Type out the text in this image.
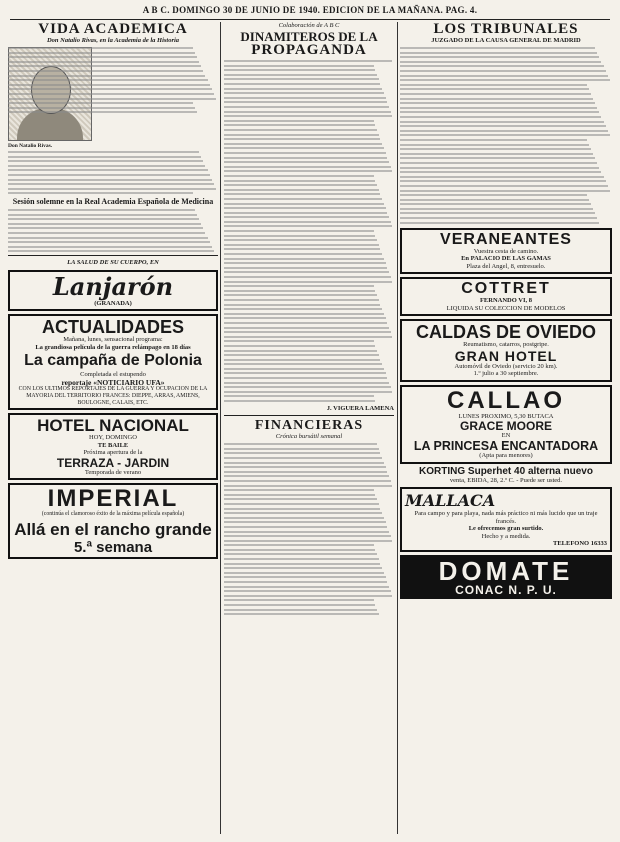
A B C. DOMINGO 30 DE JUNIO DE 1940. EDICION DE LA MAÑANA. PAG. 4.
VIDA ACADEMICA
Don Natalio Rivas, en la Academia de la Historia
Don Natalio Rivas.
Sesión solemne en la Real Academia Española de Medicina
LA SALUD DE SU CUERPO, EN
Lanjarón
(GRANADA)
ACTUALIDADES
Mañana, lunes, sensacional programa:
La grandiosa película de la guerra relámpago en 18 días
La campaña de Polonia
Completada el estupendo
reportaje «NOTICIARIO UFA»
CON LOS ULTIMOS REPORTAJES DE LA GUERRA Y OCUPACION DE LA MAYORIA DEL TERRITORIO FRANCES: DIEPPE, ARRAS, AMIENS, BOULOGNE, CALAIS, ETC.
HOTEL NACIONAL
HOY, DOMINGO
TE BAILE
Próxima apertura de la
TERRAZA - JARDIN
Temporada de verano
IMPERIAL
(continúa el clamoroso éxito de la máxima película española)
Allá en el rancho grande
5.ª semana
Colaboración de A B C
DINAMITEROS DE LA
PROPAGANDA
J. VIGUERA LAMENA
FINANCIERAS
Crónica bursátil semanal
LOS TRIBUNALES
JUZGADO DE LA CAUSA GENERAL DE MADRID
VERANEANTES
Vuestra cesta de camino.
En PALACIO DE LAS GAMAS
Plaza del Angel, 8, entresuelo.
COTTRET
FERNANDO VI, 8
LIQUIDA SU COLECCION DE MODELOS
CALDAS DE OVIEDO
Reumatismo, catarros, postgripe.
GRAN HOTEL
Automóvil de Oviedo (servicio 20 km).
1.º julio a 30 septiembre.
CALLAO
LUNES PROXIMO, 5,30 BUTACA
GRACE MOORE
EN
LA PRINCESA ENCANTADORA
(Apta para menores)
KORTING Superhet 40 alterna nuevo
venta, EBIDA, 28, 2.º C. - Puede ser usted.
MALLACA
Para campo y para playa, nada más práctico ni más lucido que un traje francés.
Le ofrecemos gran surtido.
Hecho y a medida.
TELEFONO 16333
DOMATE
CONAC N. P. U.
